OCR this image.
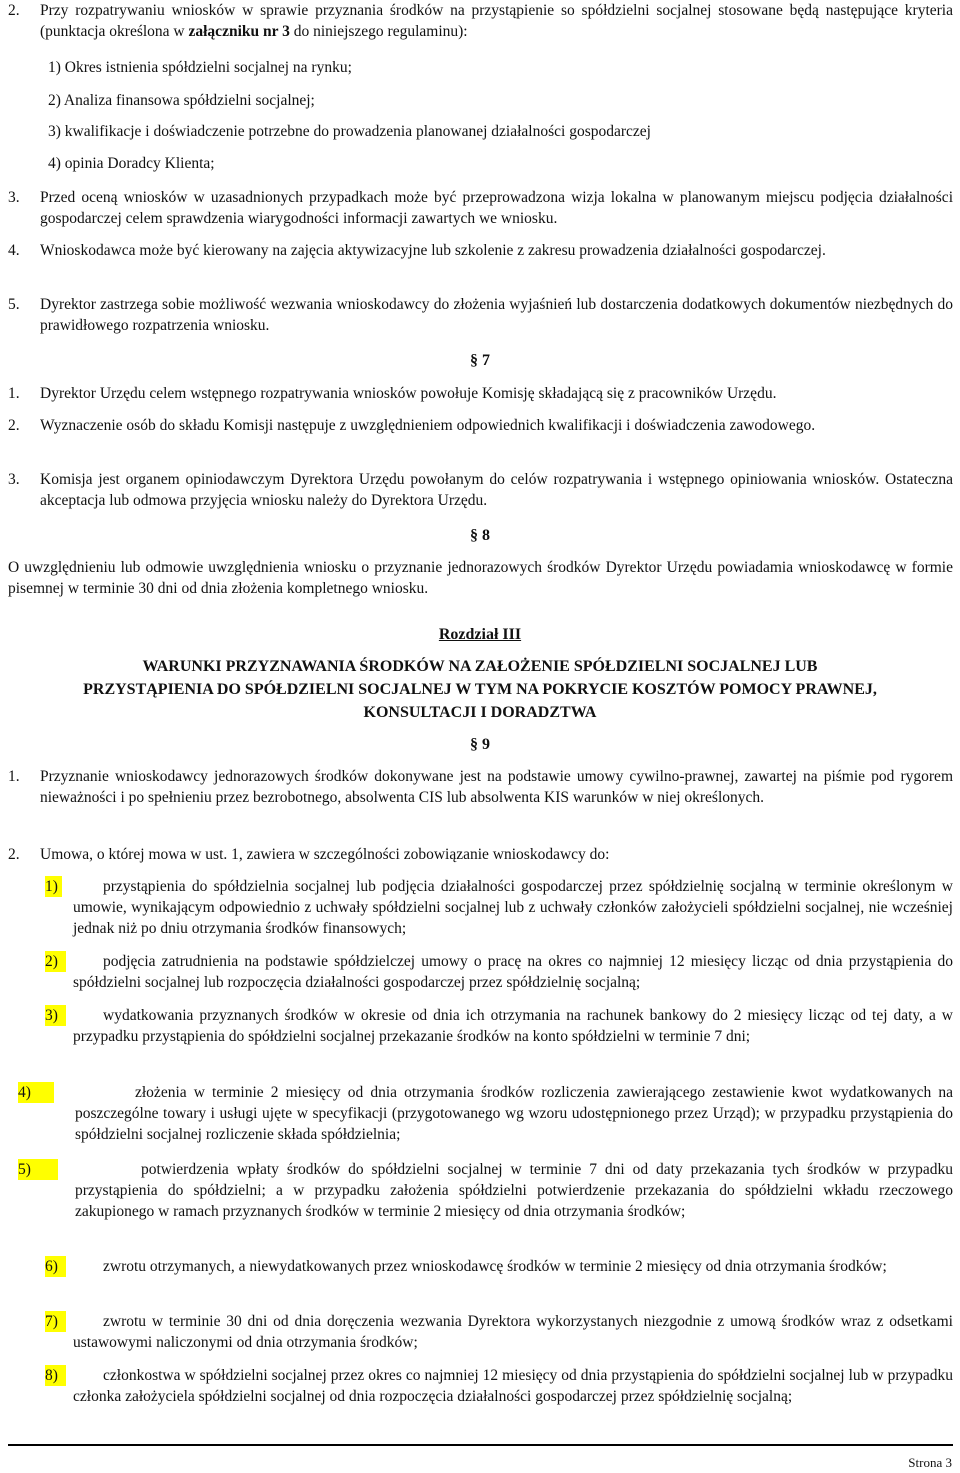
2. Przy rozpatrywaniu wniosków w sprawie przyznania środków na przystąpienie so spółdzielni socjalnej stosowane będą następujące kryteria (punktacja określona w załączniku nr 3 do niniejszego regulaminu):
1) Okres istnienia spółdzielni socjalnej na rynku;
2) Analiza finansowa spółdzielni socjalnej;
3) kwalifikacje i doświadczenie potrzebne do prowadzenia planowanej działalności gospodarczej
4) opinia Doradcy Klienta;
3. Przed oceną wniosków w uzasadnionych przypadkach może być przeprowadzona wizja lokalna w planowanym miejscu podjęcia działalności gospodarczej celem sprawdzenia wiarygodności informacji zawartych we wniosku.
4. Wnioskodawca może być kierowany na zajęcia aktywizacyjne lub szkolenie z zakresu prowadzenia działalności gospodarczej.
5. Dyrektor zastrzega sobie możliwość wezwania wnioskodawcy do złożenia wyjaśnień lub dostarczenia dodatkowych dokumentów niezbędnych do prawidłowego rozpatrzenia wniosku.
§ 7
1. Dyrektor Urzędu celem wstępnego rozpatrywania wniosków powołuje Komisję składającą się z pracowników Urzędu.
2. Wyznaczenie osób do składu Komisji następuje z uwzględnieniem odpowiednich kwalifikacji i doświadczenia zawodowego.
3. Komisja jest organem opiniodawczym Dyrektora Urzędu powołanym do celów rozpatrywania i wstępnego opiniowania wniosków. Ostateczna akceptacja lub odmowa przyjęcia wniosku należy do Dyrektora Urzędu.
§ 8
O uwzględnieniu lub odmowie uwzględnienia wniosku o przyznanie jednorazowych środków Dyrektor Urzędu powiadamia wnioskodawcę w formie pisemnej w terminie 30 dni od dnia złożenia kompletnego wniosku.
Rozdział III
WARUNKI PRZYZNAWANIA ŚRODKÓW NA ZAŁOŻENIE SPÓŁDZIELNI SOCJALNEJ LUB
PRZYSTĄPIENIA DO SPÓŁDZIELNI SOCJALNEJ W TYM NA POKRYCIE KOSZTÓW POMOCY PRAWNEJ,
KONSULTACJI I DORADZTWA
§ 9
1. Przyznanie wnioskodawcy jednorazowych środków dokonywane jest na podstawie umowy cywilno-prawnej, zawartej na piśmie pod rygorem nieważności i po spełnieniu przez bezrobotnego, absolwenta CIS lub absolwenta KIS warunków w niej określonych.
2. Umowa, o której mowa w ust. 1, zawiera w szczególności zobowiązanie wnioskodawcy do:
1)	przystąpienia do spółdzielnia socjalnej lub podjęcia działalności gospodarczej przez spółdzielnię socjalną w terminie określonym w umowie, wynikającym odpowiednio z uchwały spółdzielni socjalnej lub z uchwały członków założycieli spółdzielni socjalnej, nie wcześniej jednak niż po dniu otrzymania środków finansowych;
2)	podjęcia zatrudnienia na podstawie spółdzielczej umowy o pracę na okres co najmniej 12 miesięcy licząc od dnia przystąpienia do spółdzielni socjalnej lub rozpoczęcia działalności gospodarczej przez spółdzielnię socjalną;
3)	wydatkowania przyznanych środków w okresie od dnia ich otrzymania na rachunek bankowy do 2 miesięcy licząc od tej daty, a w przypadku przystąpienia do spółdzielni socjalnej przekazanie środków na konto spółdzielni w terminie 7 dni;
4)	złożenia w terminie 2 miesięcy od dnia otrzymania środków rozliczenia zawierającego zestawienie kwot wydatkowanych na poszczególne towary i usługi ujęte w specyfikacji (przygotowanego wg wzoru udostępnionego przez Urząd); w przypadku przystąpienia do spółdzielni socjalnej rozliczenie składa spółdzielnia;
5)	potwierdzenia wpłaty środków do spółdzielni socjalnej w terminie 7 dni od daty przekazania tych środków w przypadku przystąpienia do spółdzielni; a w przypadku założenia spółdzielni potwierdzenie przekazania do spółdzielni wkładu rzeczowego zakupionego w ramach przyznanych środków w terminie 2 miesięcy od dnia otrzymania środków;
6)	zwrotu otrzymanych, a niewydatkowanych przez wnioskodawcę środków w terminie 2 miesięcy od dnia otrzymania środków;
7)	zwrotu w terminie 30 dni od dnia doręczenia wezwania Dyrektora wykorzystanych niezgodnie z umową środków wraz z odsetkami ustawowymi naliczonymi od dnia otrzymania środków;
8)	członkostwa w spółdzielni socjalnej przez okres co najmniej 12 miesięcy od dnia przystąpienia do spółdzielni socjalnej lub w przypadku członka założyciela spółdzielni socjalnej od dnia rozpoczęcia działalności gospodarczej przez spółdzielnię socjalną;
Strona 3
